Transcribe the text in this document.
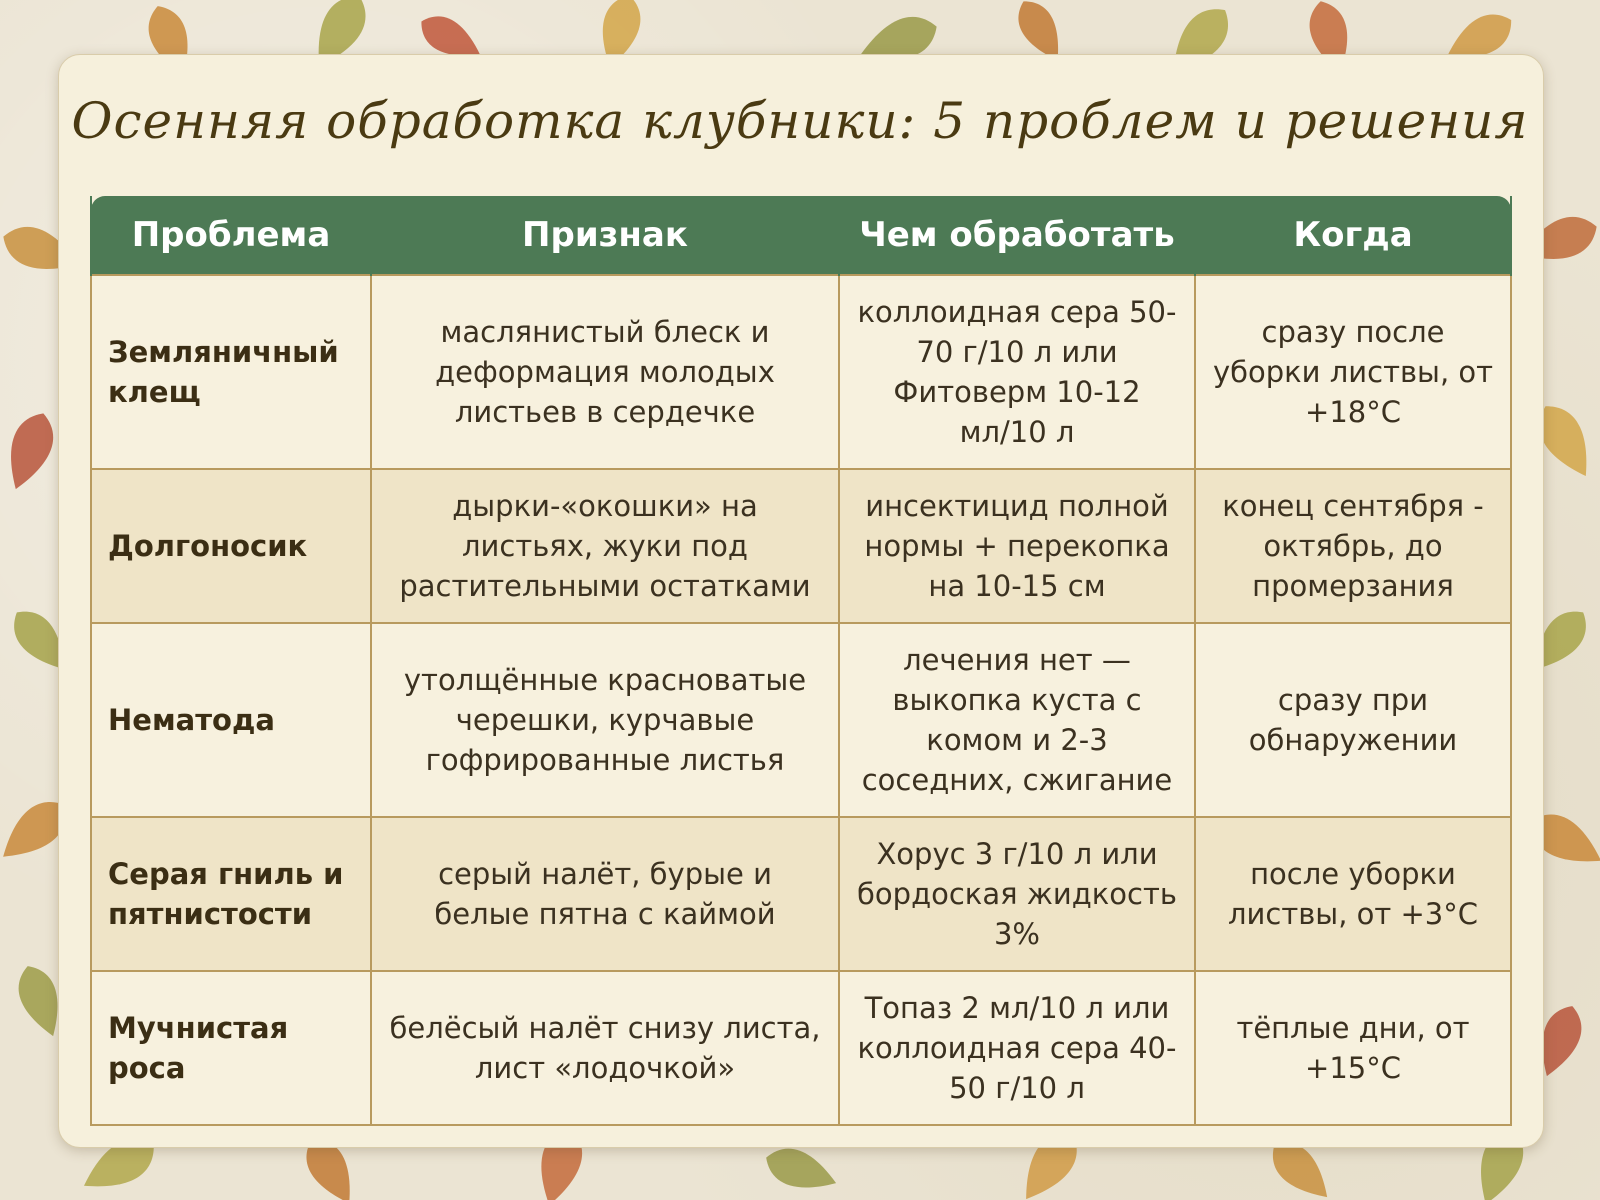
Осенняя обработка клубники: 5 проблем и решения
Проблема	Признак	Чем обработать	Когда
Земляничный клещ	маслянистый блеск и деформация молодых листьев в сердечке	коллоидная сера 50-70 г/10 л или Фитоверм 10-12 мл/10 л	сразу после уборки листвы, от +18°С
Долгоносик	дырки-«окошки» на листьях, жуки под растительными остатками	инсектицид полной нормы + перекопка на 10-15 см	конец сентября - октябрь, до промерзания
Нематода	утолщённые красноватые черешки, курчавые гофрированные листья	лечения нет — выкопка куста с комом и 2-3 соседних, сжигание	сразу при обнаружении
Серая гниль и пятнистости	серый налёт, бурые и белые пятна с каймой	Хорус 3 г/10 л или бордоская жидкость 3%	после уборки листвы, от +3°С
Мучнистая роса	белёсый налёт снизу листа, лист «лодочкой»	Топаз 2 мл/10 л или коллоидная сера 40-50 г/10 л	тёплые дни, от +15°С
